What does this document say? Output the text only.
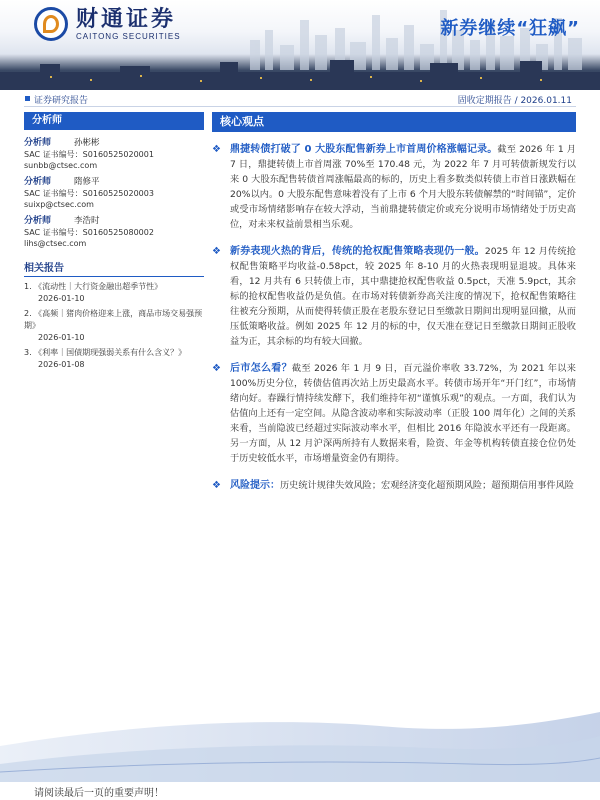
财通证券
CAITONG SECURITIES	新券继续“狂飙”
证券研究报告	固收定期报告 / 2026.01.11
分析师
分析师	孙彬彬
SAC 证书编号：S0160525020001
sunbb@ctsec.com
分析师	隋修平
SAC 证书编号：S0160525020003
suixp@ctsec.com
分析师	李浩时
SAC 证书编号：S0160525080002
lihs@ctsec.com
相关报告
1. 《流动性｜大行资金融出超季节性》
2026-01-10
2. 《高频｜猪肉价格迎来上涨，商品市场交易强预期》
2026-01-10
3. 《利率｜国债期现强弱关系有什么含义？》
2026-01-08
核心观点
❖ 鼎捷转债打破了 0 大股东配售新券上市首周价格涨幅记录。截至 2026 年 1 月 7 日，鼎捷转债上市首周涨 70%至 170.48 元，为 2022 年 7 月可转债新规发行以来 0 大股东配售转债首周涨幅最高的标的，历史上看多数类似转债上市首日涨跌幅在 20%以内。0 大股东配售意味着没有了上市 6 个月大股东转债解禁的“时间锚”，定价或受市场情绪影响存在较大浮动，当前鼎捷转债定价或充分说明市场情绪处于历史高位，对未来权益前景相当乐观。
❖ 新券表现火热的背后，传统的抢权配售策略表现仍一般。2025 年 12 月传统抢权配售策略平均收益-0.58pct，较 2025 年 8-10 月的火热表现明显退坡。具体来看，12 月共有 6 只转债上市，其中鼎捷抢权配售收益 0.5pct，天准 5.9pct，其余标的抢权配售收益仍是负值。在市场对转债新券高关注度的情况下，抢权配售策略往往被充分预期，从而使得转债正股在老股东登记日至缴款日期间出现明显回撤，从而压低策略收益。例如 2025 年 12 月的标的中，仅天准在登记日至缴款日期间正股收益为正，其余标的均有较大回撤。
❖ 后市怎么看？截至 2026 年 1 月 9 日，百元溢价率收 33.72%，为 2021 年以来 100%历史分位，转债估值再次站上历史最高水平。转债市场开年“开门红”，市场情绪向好。春躁行情持续发酵下，我们维持年初“谨慎乐观”的观点。一方面，我们认为估值向上还有一定空间。从隐含波动率和实际波动率（正股 100 周年化）之间的关系来看，当前隐波已经超过实际波动率水平，但相比 2016 年隐波水平还有一段距离。另一方面，从 12 月沪深两所持有人数据来看，险资、年金等机构转债直接仓位仍处于历史较低水平，市场增量资金仍有期待。
❖ 风险提示：历史统计规律失效风险；宏观经济变化超预期风险；超预期信用事件风险
请阅读最后一页的重要声明！
